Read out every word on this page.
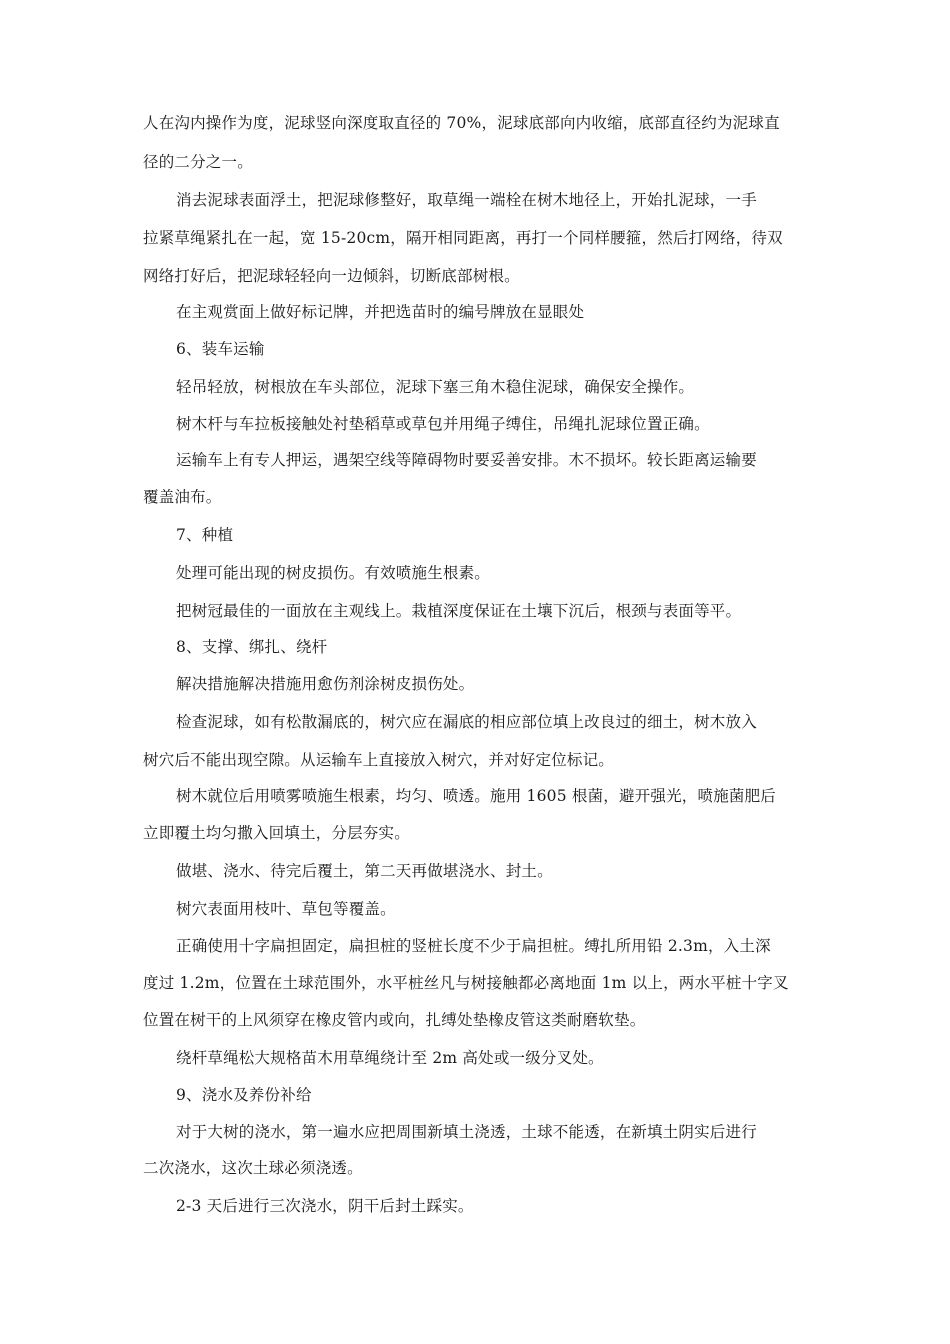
人在沟内操作为度，泥球竖向深度取直径的 70%，泥球底部向内收缩，底部直径约为泥球直
径的二分之一。
消去泥球表面浮土，把泥球修整好，取草绳一端栓在树木地径上，开始扎泥球，一手
拉紧草绳紧扎在一起，宽 15-20cm，隔开相同距离，再打一个同样腰箍，然后打网络，待双
网络打好后，把泥球轻轻向一边倾斜，切断底部树根。
在主观赏面上做好标记牌，并把选苗时的编号牌放在显眼处
6、装车运输
轻吊轻放，树根放在车头部位，泥球下塞三角木稳住泥球，确保安全操作。
树木杆与车拉板接触处衬垫稻草或草包并用绳子缚住，吊绳扎泥球位置正确。
运输车上有专人押运，遇架空线等障碍物时要妥善安排。木不损坏。较长距离运输要
覆盖油布。
7、种植
处理可能出现的树皮损伤。有效喷施生根素。
把树冠最佳的一面放在主观线上。栽植深度保证在土壤下沉后，根颈与表面等平。
8、支撑、绑扎、绕杆
解决措施解决措施用愈伤剂涂树皮损伤处。
检查泥球，如有松散漏底的，树穴应在漏底的相应部位填上改良过的细土，树木放入
树穴后不能出现空隙。从运输车上直接放入树穴，并对好定位标记。
树木就位后用喷雾喷施生根素，均匀、喷透。施用 1605 根菌，避开强光，喷施菌肥后
立即覆土均匀撒入回填土，分层夯实。
做堪、浇水、待完后覆土，第二天再做堪浇水、封土。
树穴表面用枝叶、草包等覆盖。
正确使用十字扁担固定，扁担桩的竖桩长度不少于扁担桩。缚扎所用铅 2.3m，入土深
度过 1.2m，位置在土球范围外，水平桩丝凡与树接触都必离地面 1m 以上，两水平桩十字叉
位置在树干的上风须穿在橡皮管内或向，扎缚处垫橡皮管这类耐磨软垫。
绕杆草绳松大规格苗木用草绳绕计至 2m 高处或一级分叉处。
9、浇水及养份补给
对于大树的浇水，第一遍水应把周围新填土浇透，土球不能透，在新填土阴实后进行
二次浇水，这次土球必须浇透。
2-3 天后进行三次浇水，阴干后封土踩实。
